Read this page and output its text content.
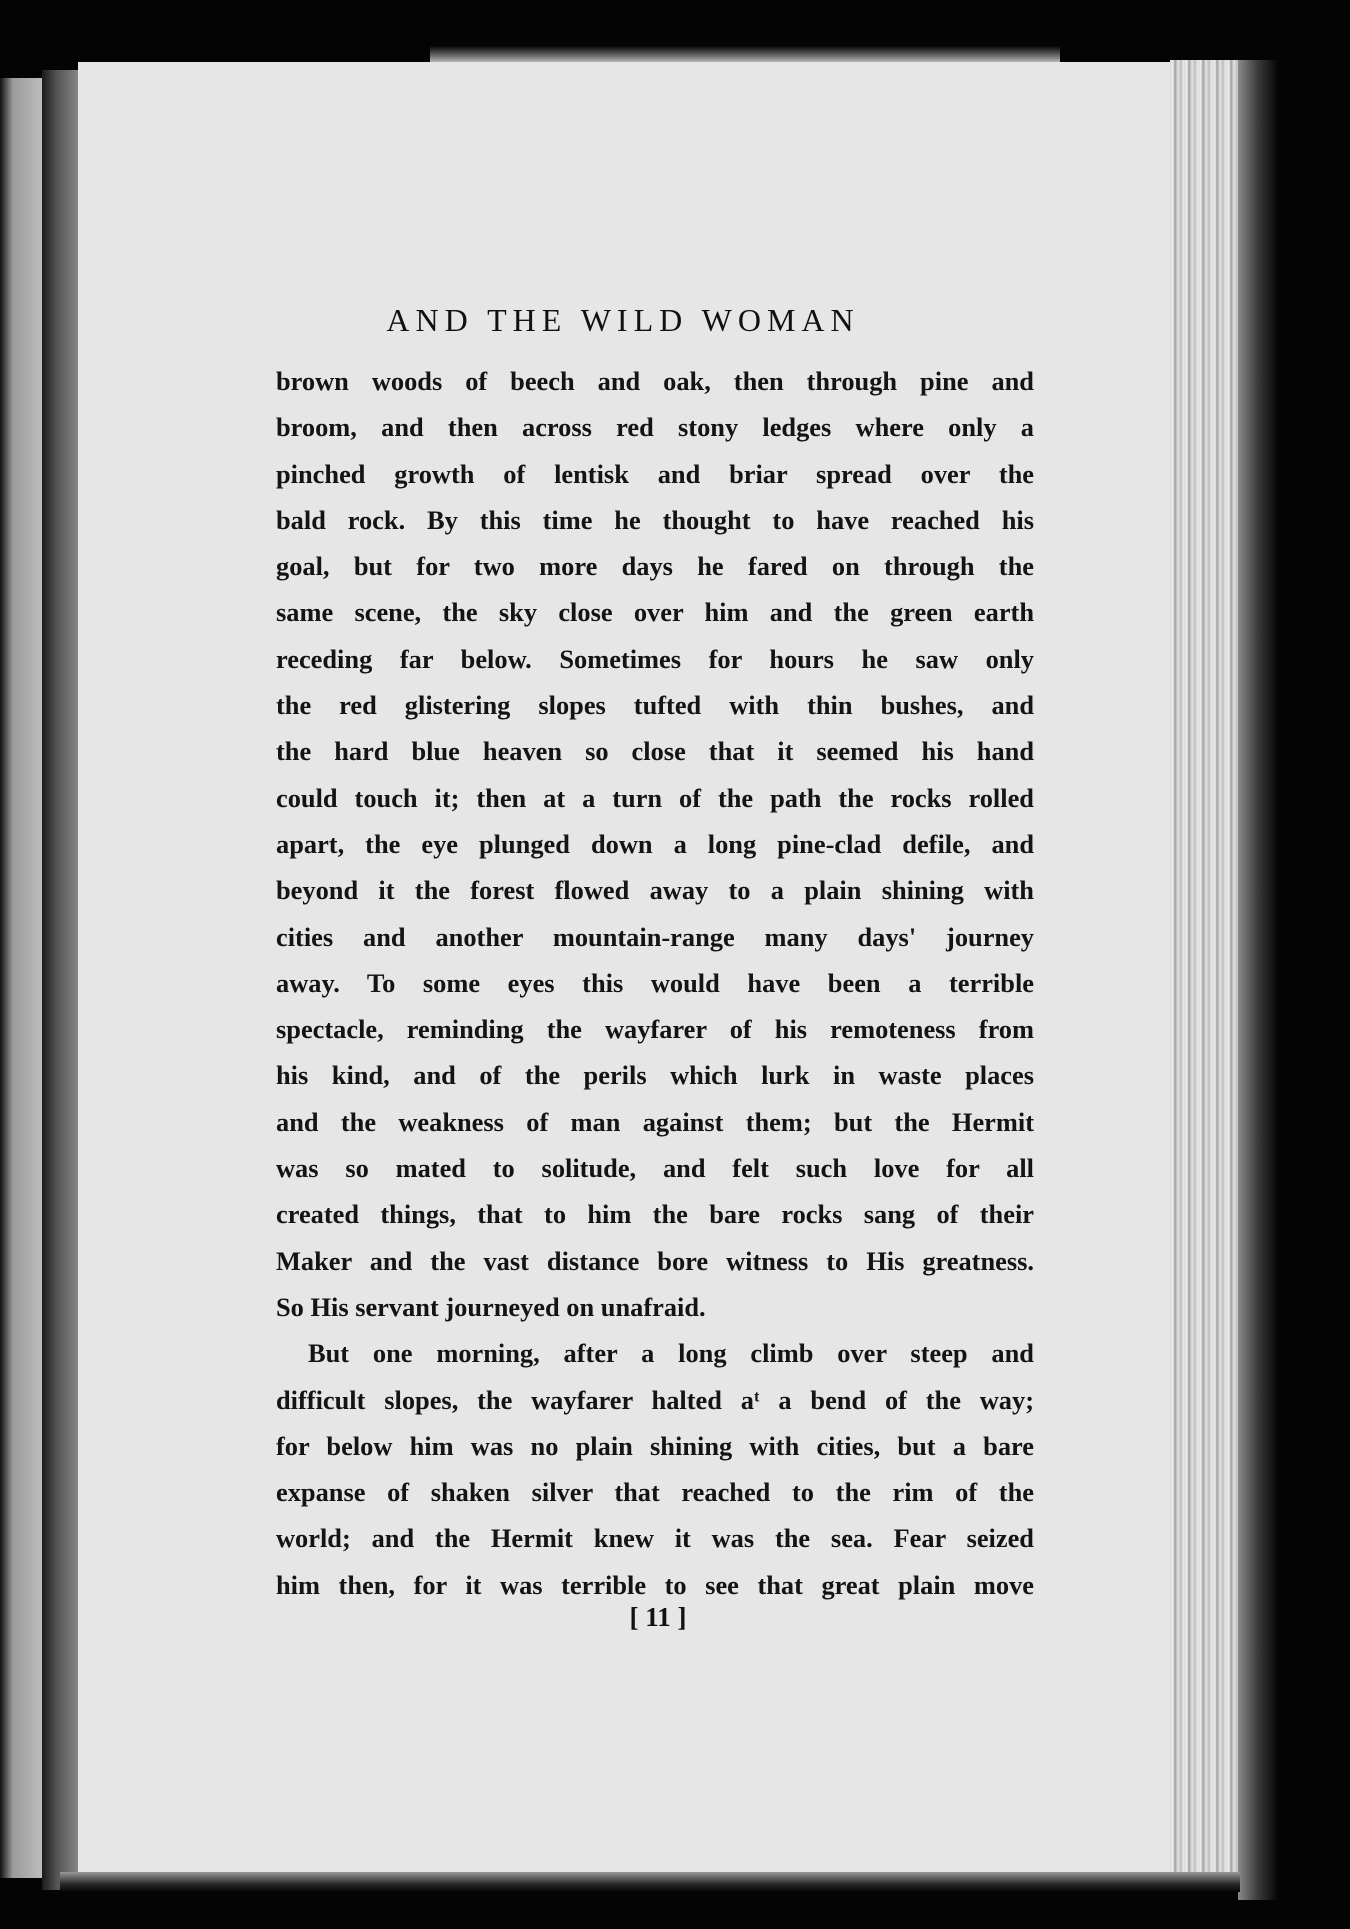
AND THE WILD WOMAN
brown woods of beech and oak, then through pine and
broom, and then across red stony ledges where only a
pinched growth of lentisk and briar spread over the
bald rock. By this time he thought to have reached his
goal, but for two more days he fared on through the
same scene, the sky close over him and the green earth
receding far below. Sometimes for hours he saw only
the red glistering slopes tufted with thin bushes, and
the hard blue heaven so close that it seemed his hand
could touch it; then at a turn of the path the rocks rolled
apart, the eye plunged down a long pine-clad defile, and
beyond it the forest flowed away to a plain shining with
cities and another mountain-range many days' journey
away. To some eyes this would have been a terrible
spectacle, reminding the wayfarer of his remoteness from
his kind, and of the perils which lurk in waste places
and the weakness of man against them; but the Hermit
was so mated to solitude, and felt such love for all
created things, that to him the bare rocks sang of their
Maker and the vast distance bore witness to His greatness.
So His servant journeyed on unafraid.
But one morning, after a long climb over steep and
difficult slopes, the wayfarer halted aᵗ a bend of the way;
for below him was no plain shining with cities, but a bare
expanse of shaken silver that reached to the rim of the
world; and the Hermit knew it was the sea. Fear seized
him then, for it was terrible to see that great plain move
[ 11 ]
